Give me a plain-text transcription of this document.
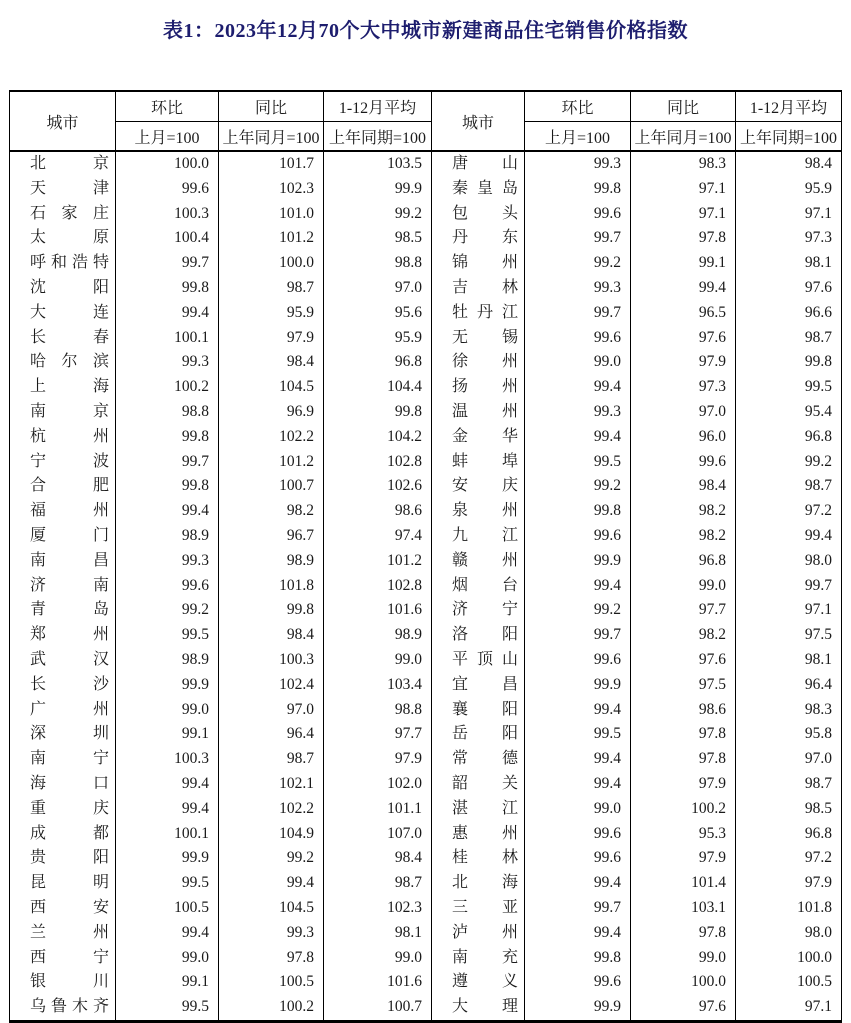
表1：2023年12月70个大中城市新建商品住宅销售价格指数
城市	环比	同比	1-12月平均	城市	环比	同比	1-12月平均
	上月=100	上年同月=100	上年同期=100		上月=100	上年同月=100	上年同期=100
北京	100.0	101.7	103.5	唐山	99.3	98.3	98.4
天津	99.6	102.3	99.9	秦皇岛	99.8	97.1	95.9
石家庄	100.3	101.0	99.2	包头	99.6	97.1	97.1
太原	100.4	101.2	98.5	丹东	99.7	97.8	97.3
呼和浩特	99.7	100.0	98.8	锦州	99.2	99.1	98.1
沈阳	99.8	98.7	97.0	吉林	99.3	99.4	97.6
大连	99.4	95.9	95.6	牡丹江	99.7	96.5	96.6
长春	100.1	97.9	95.9	无锡	99.6	97.6	98.7
哈尔滨	99.3	98.4	96.8	徐州	99.0	97.9	99.8
上海	100.2	104.5	104.4	扬州	99.4	97.3	99.5
南京	98.8	96.9	99.8	温州	99.3	97.0	95.4
杭州	99.8	102.2	104.2	金华	99.4	96.0	96.8
宁波	99.7	101.2	102.8	蚌埠	99.5	99.6	99.2
合肥	99.8	100.7	102.6	安庆	99.2	98.4	98.7
福州	99.4	98.2	98.6	泉州	99.8	98.2	97.2
厦门	98.9	96.7	97.4	九江	99.6	98.2	99.4
南昌	99.3	98.9	101.2	赣州	99.9	96.8	98.0
济南	99.6	101.8	102.8	烟台	99.4	99.0	99.7
青岛	99.2	99.8	101.6	济宁	99.2	97.7	97.1
郑州	99.5	98.4	98.9	洛阳	99.7	98.2	97.5
武汉	98.9	100.3	99.0	平顶山	99.6	97.6	98.1
长沙	99.9	102.4	103.4	宜昌	99.9	97.5	96.4
广州	99.0	97.0	98.8	襄阳	99.4	98.6	98.3
深圳	99.1	96.4	97.7	岳阳	99.5	97.8	95.8
南宁	100.3	98.7	97.9	常德	99.4	97.8	97.0
海口	99.4	102.1	102.0	韶关	99.4	97.9	98.7
重庆	99.4	102.2	101.1	湛江	99.0	100.2	98.5
成都	100.1	104.9	107.0	惠州	99.6	95.3	96.8
贵阳	99.9	99.2	98.4	桂林	99.6	97.9	97.2
昆明	99.5	99.4	98.7	北海	99.4	101.4	97.9
西安	100.5	104.5	102.3	三亚	99.7	103.1	101.8
兰州	99.4	99.3	98.1	泸州	99.4	97.8	98.0
西宁	99.0	97.8	99.0	南充	99.8	99.0	100.0
银川	99.1	100.5	101.6	遵义	99.6	100.0	100.5
乌鲁木齐	99.5	100.2	100.7	大理	99.9	97.6	97.1
